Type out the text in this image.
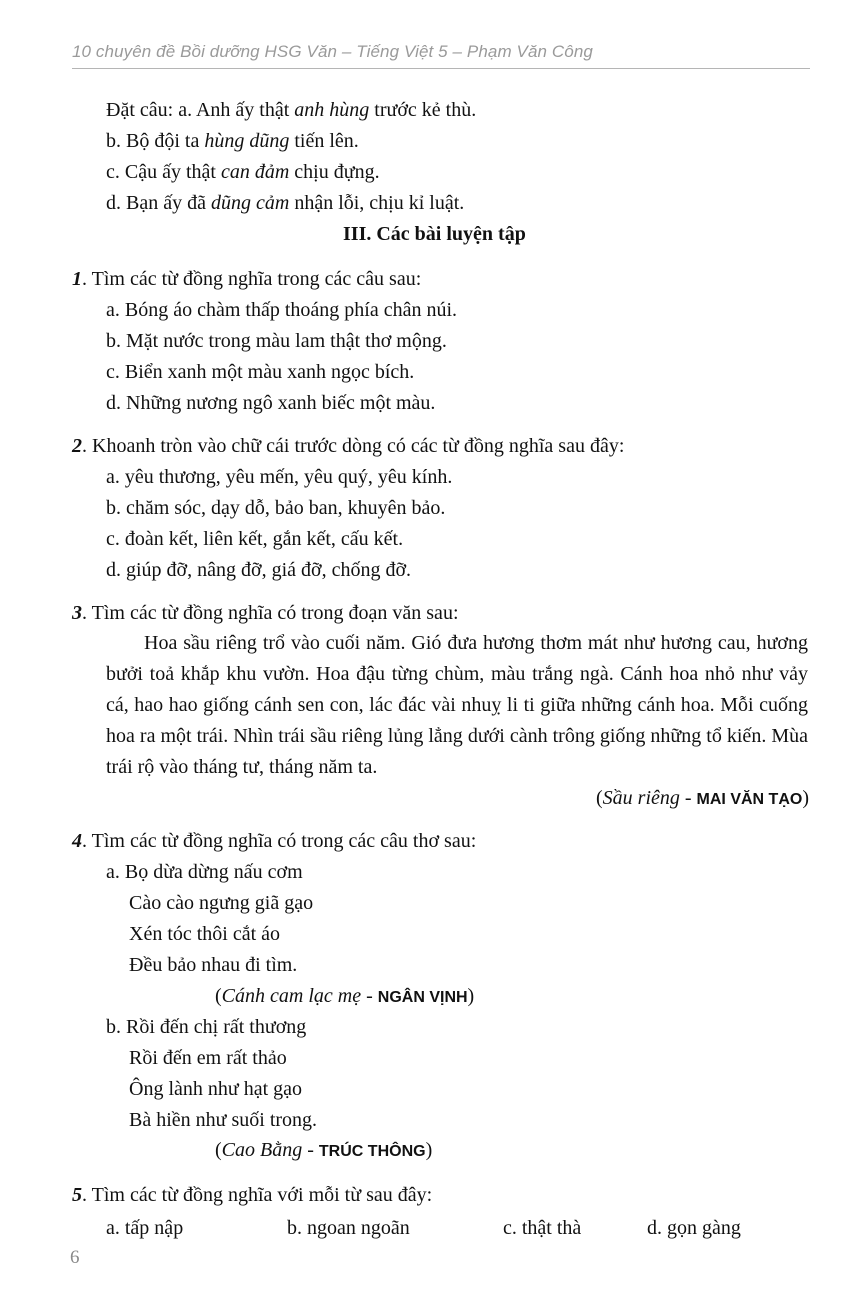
10 chuyên đề Bồi dưỡng HSG Văn – Tiếng Việt 5 – Phạm Văn Công
Đặt câu: a. Anh ấy thật anh hùng trước kẻ thù.
b. Bộ đội ta hùng dũng tiến lên.
c. Cậu ấy thật can đảm chịu đựng.
d. Bạn ấy đã dũng cảm nhận lỗi, chịu kỉ luật.
III. Các bài luyện tập
1. Tìm các từ đồng nghĩa trong các câu sau:
a. Bóng áo chàm thấp thoáng phía chân núi.
b. Mặt nước trong màu lam thật thơ mộng.
c. Biển xanh một màu xanh ngọc bích.
d. Những nương ngô xanh biếc một màu.
2. Khoanh tròn vào chữ cái trước dòng có các từ đồng nghĩa sau đây:
a. yêu thương, yêu mến, yêu quý, yêu kính.
b. chăm sóc, dạy dỗ, bảo ban, khuyên bảo.
c. đoàn kết, liên kết, gắn kết, cấu kết.
d. giúp đỡ, nâng đỡ, giá đỡ, chống đỡ.
3. Tìm các từ đồng nghĩa có trong đoạn văn sau:
Hoa sầu riêng trổ vào cuối năm. Gió đưa hương thơm mát như hương cau, hương bưởi toả khắp khu vườn. Hoa đậu từng chùm, màu trắng ngà. Cánh hoa nhỏ như vảy cá, hao hao giống cánh sen con, lác đác vài nhuỵ li ti giữa những cánh hoa. Mỗi cuống hoa ra một trái. Nhìn trái sầu riêng lủng lẳng dưới cành trông giống những tổ kiến. Mùa trái rộ vào tháng tư, tháng năm ta.
(Sầu riêng - MAI VĂN TẠO)
4. Tìm các từ đồng nghĩa có trong các câu thơ sau:
a. Bọ dừa dừng nấu cơm
Cào cào ngưng giã gạo
Xén tóc thôi cắt áo
Đều bảo nhau đi tìm.
(Cánh cam lạc mẹ - NGÂN VỊNH)
b. Rồi đến chị rất thương
Rồi đến em rất thảo
Ông lành như hạt gạo
Bà hiền như suối trong.
(Cao Bằng - TRÚC THÔNG)
5. Tìm các từ đồng nghĩa với mỗi từ sau đây:
a. tấp nập	b. ngoan ngoãn	c. thật thà	d. gọn gàng
6
